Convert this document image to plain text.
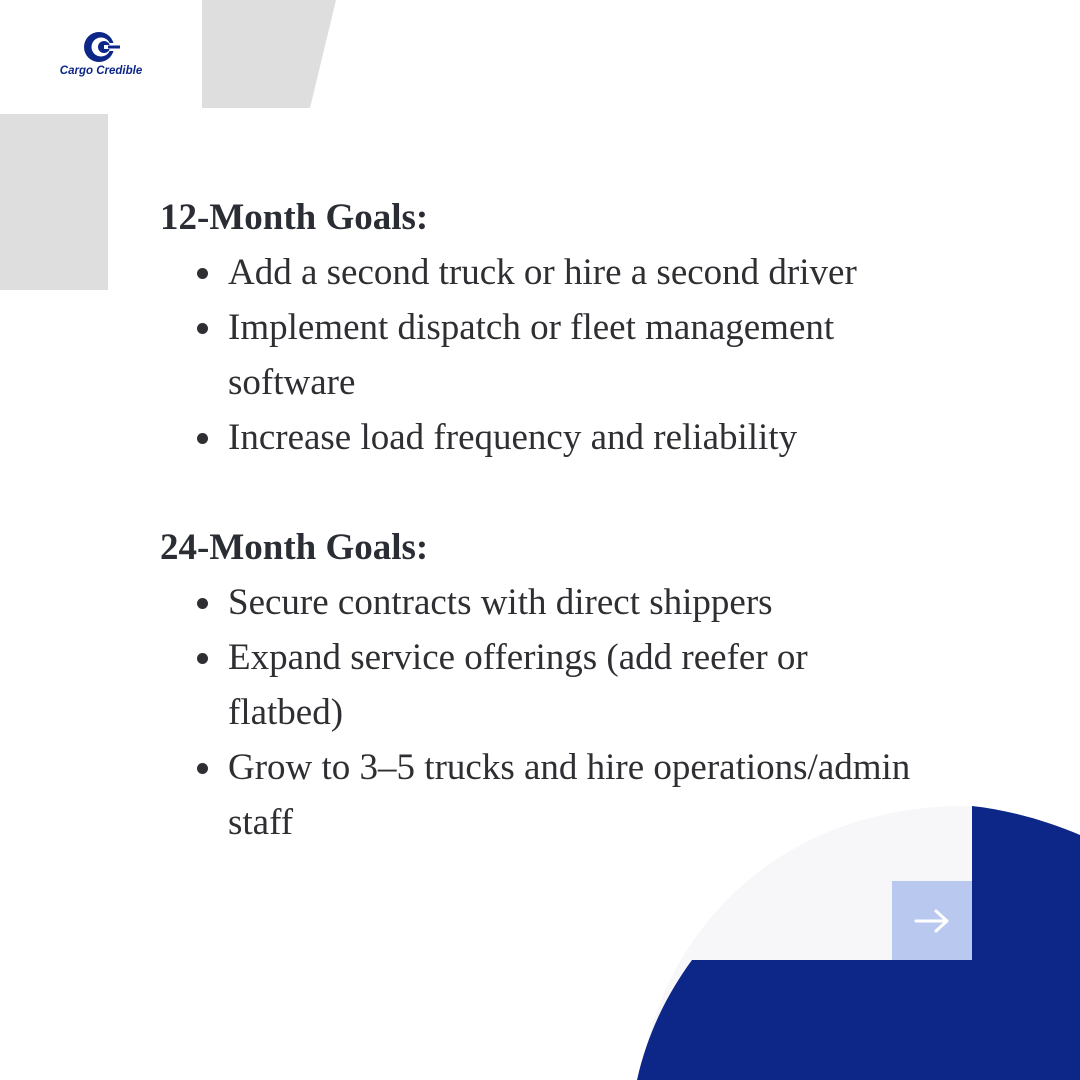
Cargo Credible
12-Month Goals:
Add a second truck or hire a second driver
Implement dispatch or fleet management software
Increase load frequency and reliability
24-Month Goals:
Secure contracts with direct shippers
Expand service offerings (add reefer or flatbed)
Grow to 3–5 trucks and hire operations/admin staff
